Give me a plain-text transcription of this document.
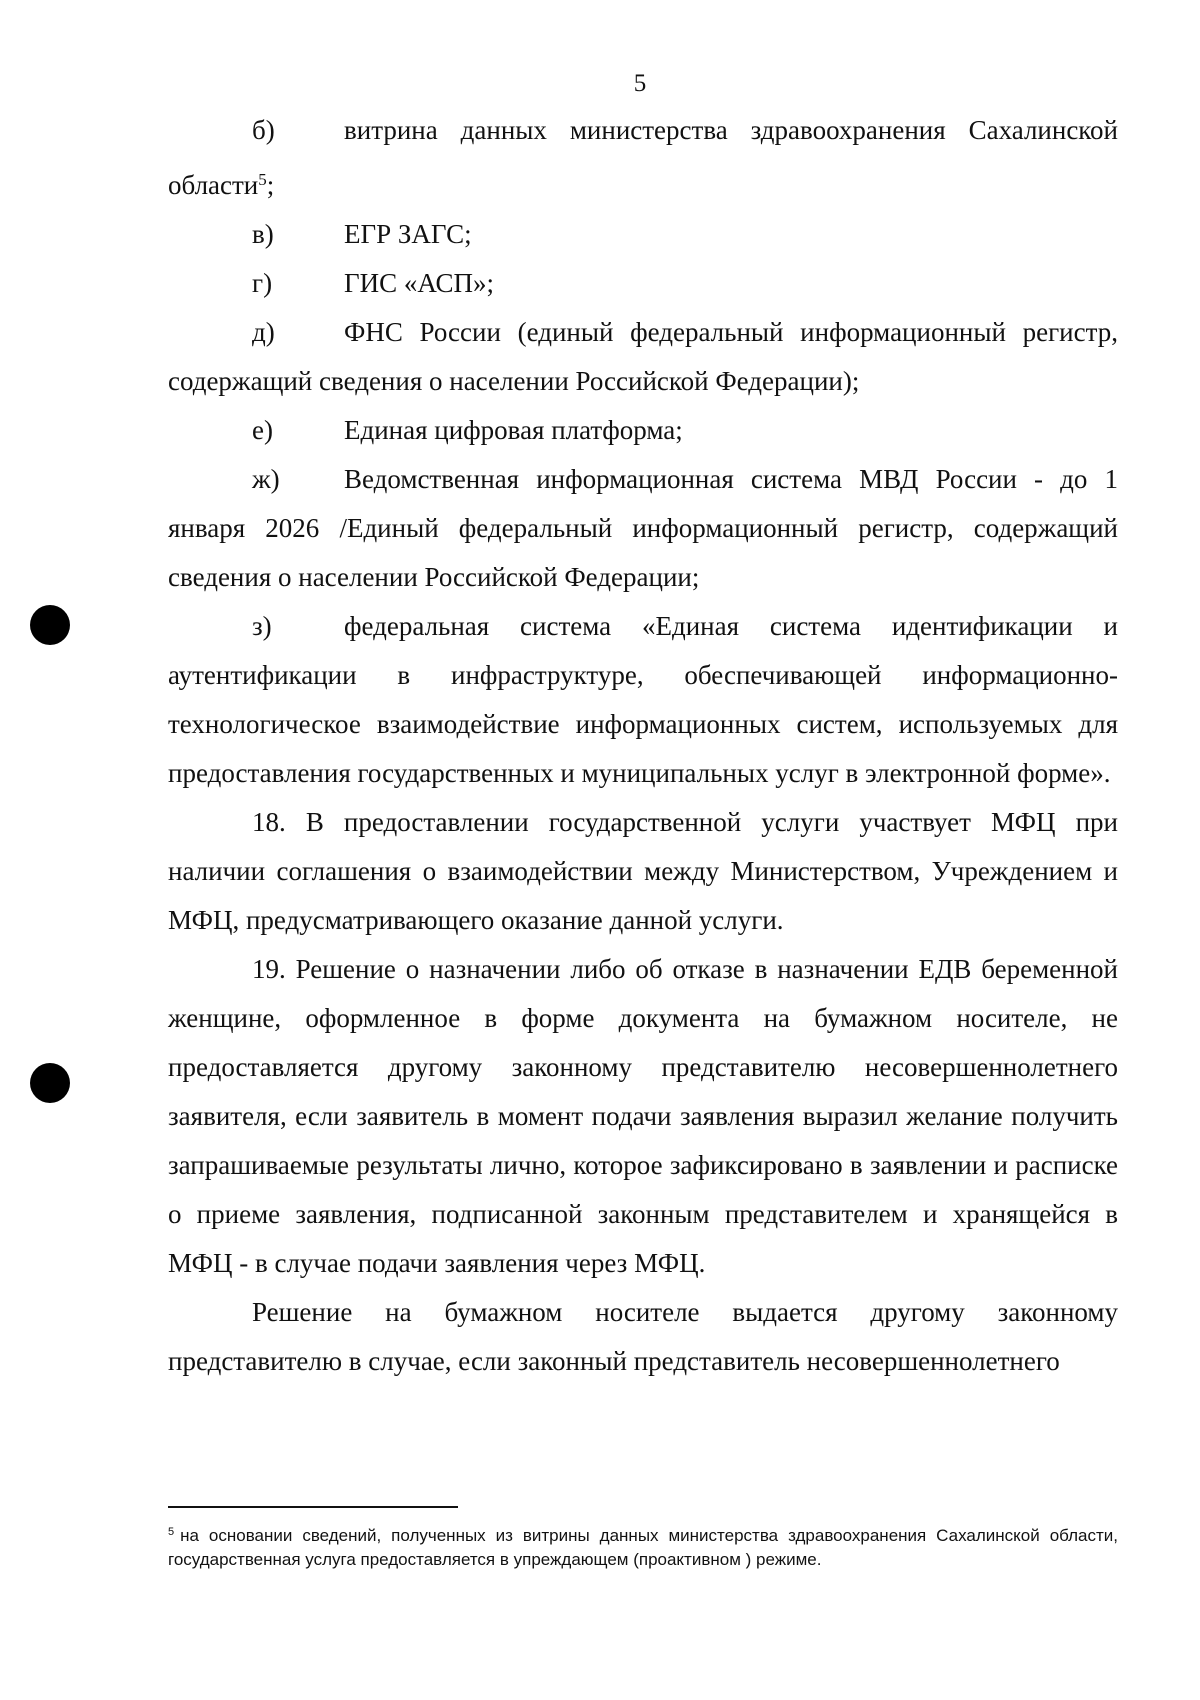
5
б)	витрина данных министерства здравоохранения Сахалинской области$^5$;
в)	ЕГР ЗАГС;
г)	ГИС «АСП»;
д)	ФНС России (единый федеральный информационный регистр, содержащий сведения о населении Российской Федерации);
е)	Единая цифровая платформа;
ж) Ведомственная информационная система МВД России - до 1 января 2026 /Единый федеральный информационный регистр, содержащий сведения о населении Российской Федерации;
з)	федеральная система «Единая система идентификации и аутентификации в инфраструктуре, обеспечивающей информационно-технологическое взаимодействие информационных систем, используемых для предоставления государственных и муниципальных услуг в электронной форме».
18. В предоставлении государственной услуги участвует МФЦ при наличии соглашения о взаимодействии между Министерством, Учреждением и МФЦ, предусматривающего оказание данной услуги.
19. Решение о назначении либо об отказе в назначении ЕДВ беременной женщине, оформленное в форме документа на бумажном носителе, не предоставляется другому законному представителю несовершеннолетнего заявителя, если заявитель в момент подачи заявления выразил желание получить запрашиваемые результаты лично, которое зафиксировано в заявлении и расписке о приеме заявления, подписанной законным представителем и хранящейся в МФЦ - в случае подачи заявления через МФЦ.
Решение на бумажном носителе выдается другому законному представителю в случае, если законный представитель несовершеннолетнего
$^5$ на основании сведений, полученных из витрины данных министерства здравоохранения Сахалинской области, государственная услуга предоставляется в упреждающем (проактивном ) режиме.
